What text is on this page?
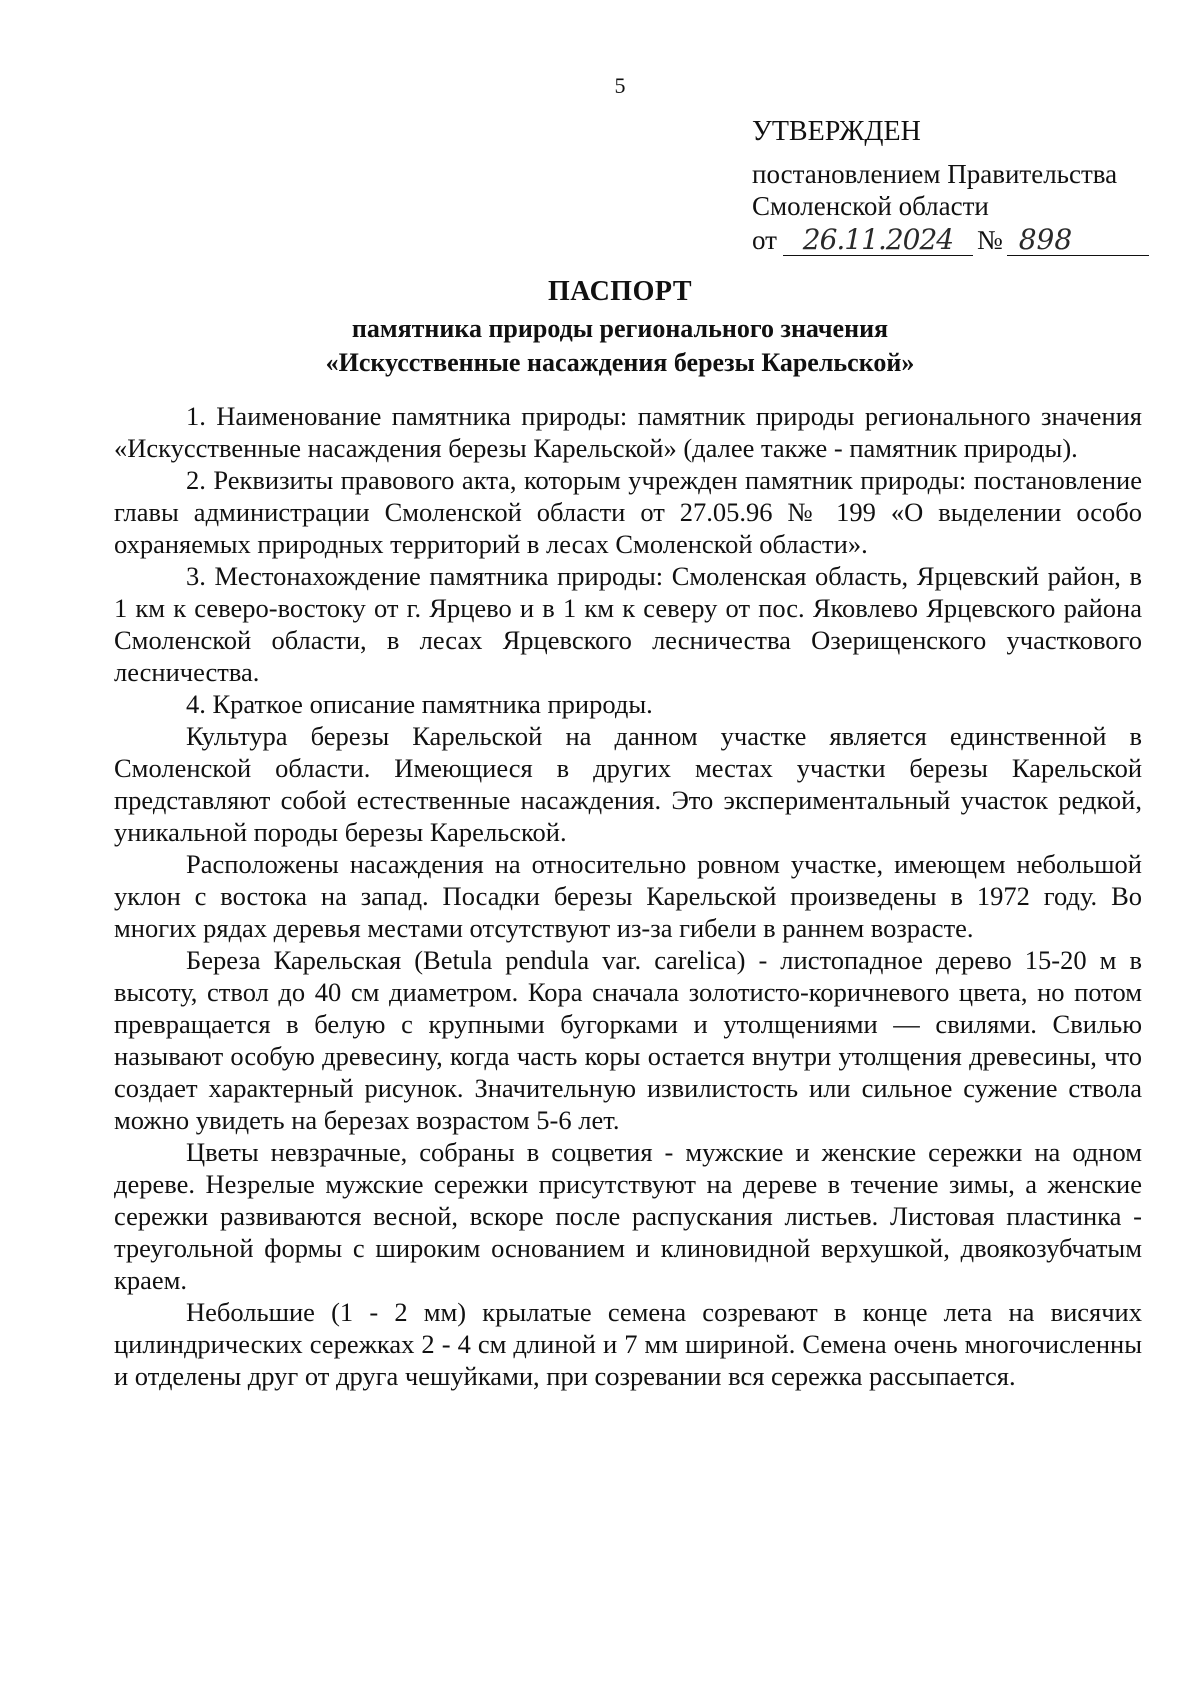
5
УТВЕРЖДЕН
постановлением Правительства
Смоленской области
от 26.11.2024 № 898
ПАСПОРТ
памятника природы регионального значения
«Искусственные насаждения березы Карельской»

1. Наименование памятника природы: памятник природы регионального значения «Искусственные насаждения березы Карельской» (далее также - памятник природы).

2. Реквизиты правового акта, которым учрежден памятник природы: постановление главы администрации Смоленской области от 27.05.96 № 199 «О выделении особо охраняемых природных территорий в лесах Смоленской области».

3. Местонахождение памятника природы: Смоленская область, Ярцевский район, в 1 км к северо-востоку от г. Ярцево и в 1 км к северу от пос. Яковлево Ярцевского района Смоленской области, в лесах Ярцевского лесничества Озерищенского участкового лесничества.

4. Краткое описание памятника природы.

Культура березы Карельской на данном участке является единственной в Смоленской области. Имеющиеся в других местах участки березы Карельской представляют собой естественные насаждения. Это экспериментальный участок редкой, уникальной породы березы Карельской.

Расположены насаждения на относительно ровном участке, имеющем небольшой уклон с востока на запад. Посадки березы Карельской произведены в 1972 году. Во многих рядах деревья местами отсутствуют из-за гибели в раннем возрасте.

Береза Карельская (Betula pendula var. carelica) - листопадное дерево 15-20 м в высоту, ствол до 40 см диаметром. Кора сначала золотисто-коричневого цвета, но потом превращается в белую с крупными бугорками и утолщениями — свилями. Свилью называют особую древесину, когда часть коры остается внутри утолщения древесины, что создает характерный рисунок. Значительную извилистость или сильное сужение ствола можно увидеть на березах возрастом 5-6 лет.

Цветы невзрачные, собраны в соцветия - мужские и женские сережки на одном дереве. Незрелые мужские сережки присутствуют на дереве в течение зимы, а женские сережки развиваются весной, вскоре после распускания листьев. Листовая пластинка - треугольной формы с широким основанием и клиновидной верхушкой, двоякозубчатым краем.

Небольшие (1 - 2 мм) крылатые семена созревают в конце лета на висячих цилиндрических сережках 2 - 4 см длиной и 7 мм шириной. Семена очень многочисленны и отделены друг от друга чешуйками, при созревании вся сережка рассыпается.
